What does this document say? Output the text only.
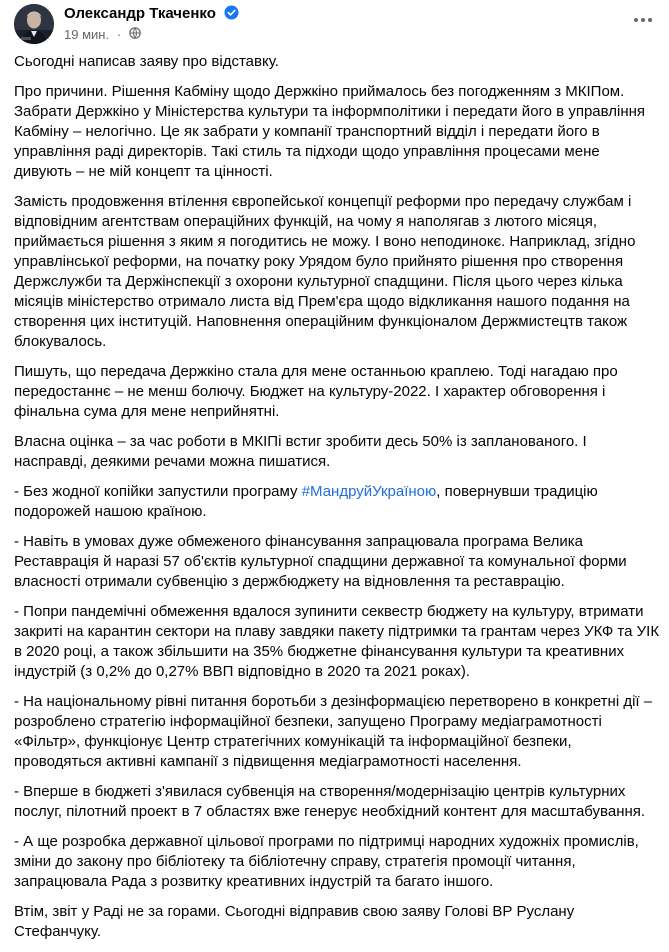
Олександр Ткаченко
19 мин. ·

Сьогодні написав заяву про відставку.

Про причини. Рішення Кабміну щодо Держкіно приймалось без погодженням з МКІПом. Забрати Держкіно у Міністерства культури та інформполітики і передати його в управління Кабміну – нелогічно. Це як забрати у компанії транспортний відділ і передати його в управління раді директорів. Такі стиль та підходи щодо управління процесами мене дивують – не мій концепт та цінності.

Замість продовження втілення європейської концепції реформи про передачу службам і відповідним агентствам операційних функцій, на чому я наполягав з лютого місяця, приймається рішення з яким я погодитись не можу. І воно неподинокє. Наприклад, згідно управлінської реформи, на початку року Урядом було прийнято рішення про створення Держслужби та Держінспекції з охорони культурної спадщини. Після цього через кілька місяців міністерство отримало листа від Прем'єра щодо відкликання нашого подання на створення цих інституцій. Наповнення операційним функціоналом Держмистецтв також блокувалось.

Пишуть, що передача Держкіно стала для мене останньою краплею. Тоді нагадаю про передостаннє – не менш болючу. Бюджет на культуру-2022. І характер обговорення і фінальна сума для мене неприйнятні.

Власна оцінка – за час роботи в МКІПі встиг зробити десь 50% із запланованого. І насправді, деякими речами можна пишатися.

- Без жодної копійки запустили програму #МандруйУкраїною, повернувши традицію подорожей нашою країною.

- Навіть в умовах дуже обмеженого фінансування запрацювала програма Велика Реставрація й наразі 57 об'єктів культурної спадщини державної та комунальної форми власності отримали субвенцію з держбюджету на відновлення та реставрацію.

- Попри пандемічні обмеження вдалося зупинити секвестр бюджету на культуру, втримати закриті на карантин сектори на плаву завдяки пакету підтримки та грантам через УКФ та УІК в 2020 році, а також збільшити на 35% бюджетне фінансування культури та креативних індустрій (з 0,2% до 0,27% ВВП відповідно в 2020 та 2021 роках).

- На національному рівні питання боротьби з дезінформацією перетворено в конкретні дії – розроблено стратегію інформаційної безпеки, запущено Програму медіаграмотності «Фільтр», функціонує Центр стратегічних комунікацій та інформаційної безпеки, проводяться активні кампанії з підвищення медіаграмотності населення.

- Вперше в бюджеті з'явилася субвенція на створення/модернізацію центрів культурних послуг, пілотний проект в 7 областях вже генерує необхідний контент для масштабування.

- А ще розробка державної цільової програми по підтримці народних художніх промислів, зміни до закону про бібліотеку та бібліотечну справу, стратегія промоції читання, запрацювала Рада з розвитку креативних індустрій та багато іншого.

Втім, звіт у Раді не за горами. Сьогодні відправив свою заяву Голові ВР Руслану Стефанчуку.
